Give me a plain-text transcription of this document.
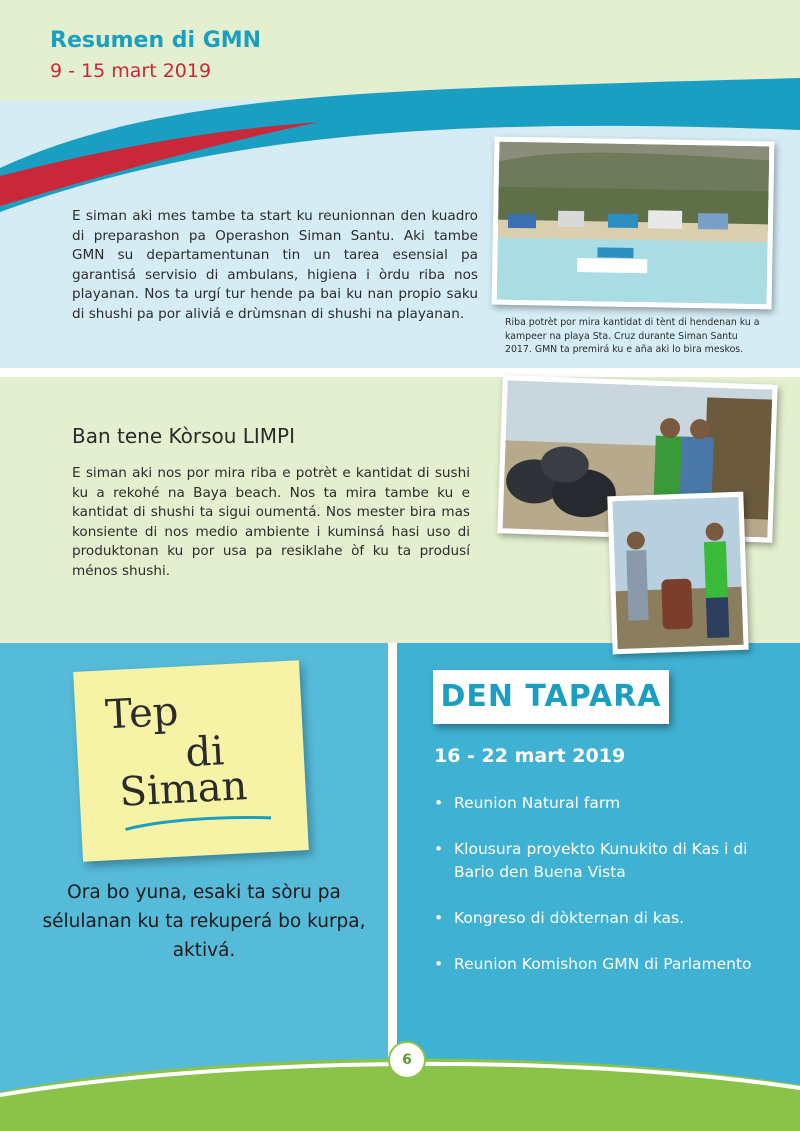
Resumen di GMN
9 - 15 mart 2019
E siman aki mes tambe ta start ku reunionnan den kuadro di preparashon pa Operashon Siman Santu. Aki tambe GMN su departamentunan tin un tarea esensial pa garantisá servisio di ambulans, higiena i òrdu riba nos playanan. Nos ta urgí tur hende pa bai ku nan propio saku di shushi pa por aliviá e drùmsnan di shushi na playanan.
Riba potrèt por mira kantidat di tènt di hendenan ku a kampeer na playa Sta. Cruz durante Siman Santu 2017. GMN ta premirá ku e aña aki lo bira meskos.
Ban tene Kòrsou LIMPI
E siman aki nos por mira riba e potrèt e kantidat di sushi ku a rekohé na Baya beach. Nos ta mira tambe ku e kantidat di shushi ta sigui oumentá. Nos mester bira mas konsiente di nos medio ambiente i kuminsá hasi uso di produktonan ku por usa pa resiklahe òf ku ta produsí ménos shushi.
Tep
di
Siman
Ora bo yuna, esaki ta sòru pa sélulanan ku ta rekuperá bo kurpa, aktivá.
DEN TAPARA
16 - 22 mart 2019
• Reunion Natural farm
• Klousura proyekto Kunukito di Kas i di Bario den Buena Vista
• Kongreso di dòkternan di kas.
• Reunion Komishon GMN di Parlamento
6
